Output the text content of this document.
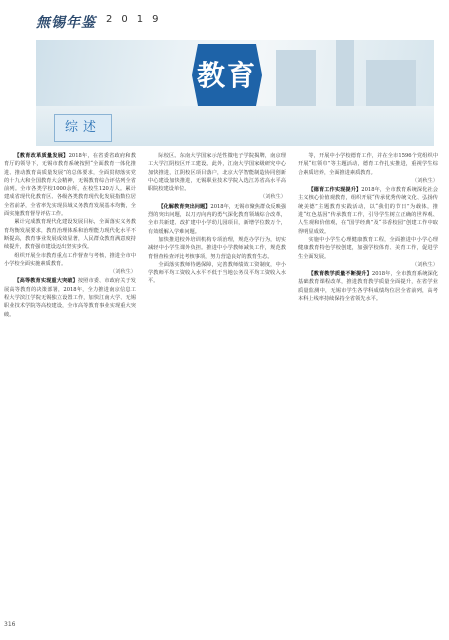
無锡年鉴 2019
综述
教育

【教育改革质量发展】2018年，在省委省政府和教育厅的领导下，无锡市教育系统按照“全面教育一体化推进、推动教育高质量发展”的总体要求，全面贯彻落实党的十九大和全国教育大会精神，无锡教育综合评估列全省前列。全市各类学校1000余所，在校生120万人。累计建成省现代化教育区、各级各类教育现代化发展指数位居全省前茅，全省率先实现县域义务教育发展基本均衡，全面实施教育督导评估工作。

累计完成教育现代化建设发展目标，全面落实义务教育均衡发展要求，教育治理体系和治理能力现代化水平不断提高，教育事业发展成效显著，人民群众教育满意度持续提升，教育强市建设迈出坚实步伐。

组织开展全市教育重点工作督查与考核，推进全市中小学校全面实施素质教育。

（刘秋生）

【高等教育实现重大突破】按照市委、市政府关于发展高等教育的决策部署，2018年，全力推进南京信息工程大学滨江学院无锡独立设置工作，加快江南大学、无锡职业技术学院等高校建设，全市高等教育事业实现重大突破。

际校区。东南大学国家示范性微电子学院揭牌，南京理工大学江阴校区开工建设。此外，江南大学国家级研究中心加快推进，江阴校区项目落户，北京大学智能制造协同创新中心建设加快推进，无锡职业技术学院入选江苏省高水平高职院校建设单位。

（刘秋生）

【化解教育突出问题】2018年，无锡市聚焦群众反映强烈的突出问题，以刀刃向内的勇气深化教育领域综合改革，全市共新建、改扩建中小学幼儿园项目，新增学位数万个，有效缓解入学难问题。

加快推进校外培训机构专项治理，规范办学行为，切实减轻中小学生课外负担。推进中小学教师减负工作，规范教育督查检查评比考核事项，努力营造良好的教育生态。

全面落实教师待遇保障，完善教师绩效工资制度，中小学教师平均工资收入水平不低于当地公务员平均工资收入水平。

等，开展中小学校德育工作，并在全市1596个党组织中开展“红领巾”等主题活动，德育工作扎实推进，重视学生综合素质培养，全面推进素质教育。

（刘秋生）

【德育工作实现提升】2018年，全市教育系统深化社会主义核心价值观教育，组织开展“传承优秀传统文化、弘扬传统美德”主题教育实践活动，以“我们的节日”为载体，推进“红色基因”传承教育工作，引导学生树立正确的世界观、人生观和价值观，在“国学经典”及“书香校园”创建工作中取得明显成效。

实施中小学生心理健康教育工程，全面推进中小学心理健康教育特色学校创建，加强学校体育、美育工作，促进学生全面发展。

（刘秋生）

【教育教学质量不断提升】2018年，全市教育系统深化基础教育课程改革，推进教育教学质量全面提升，在省学业质量监测中，无锡市学生各学科成绩均位居全省前列，高考本科上线率持续保持全省领先水平。

316
